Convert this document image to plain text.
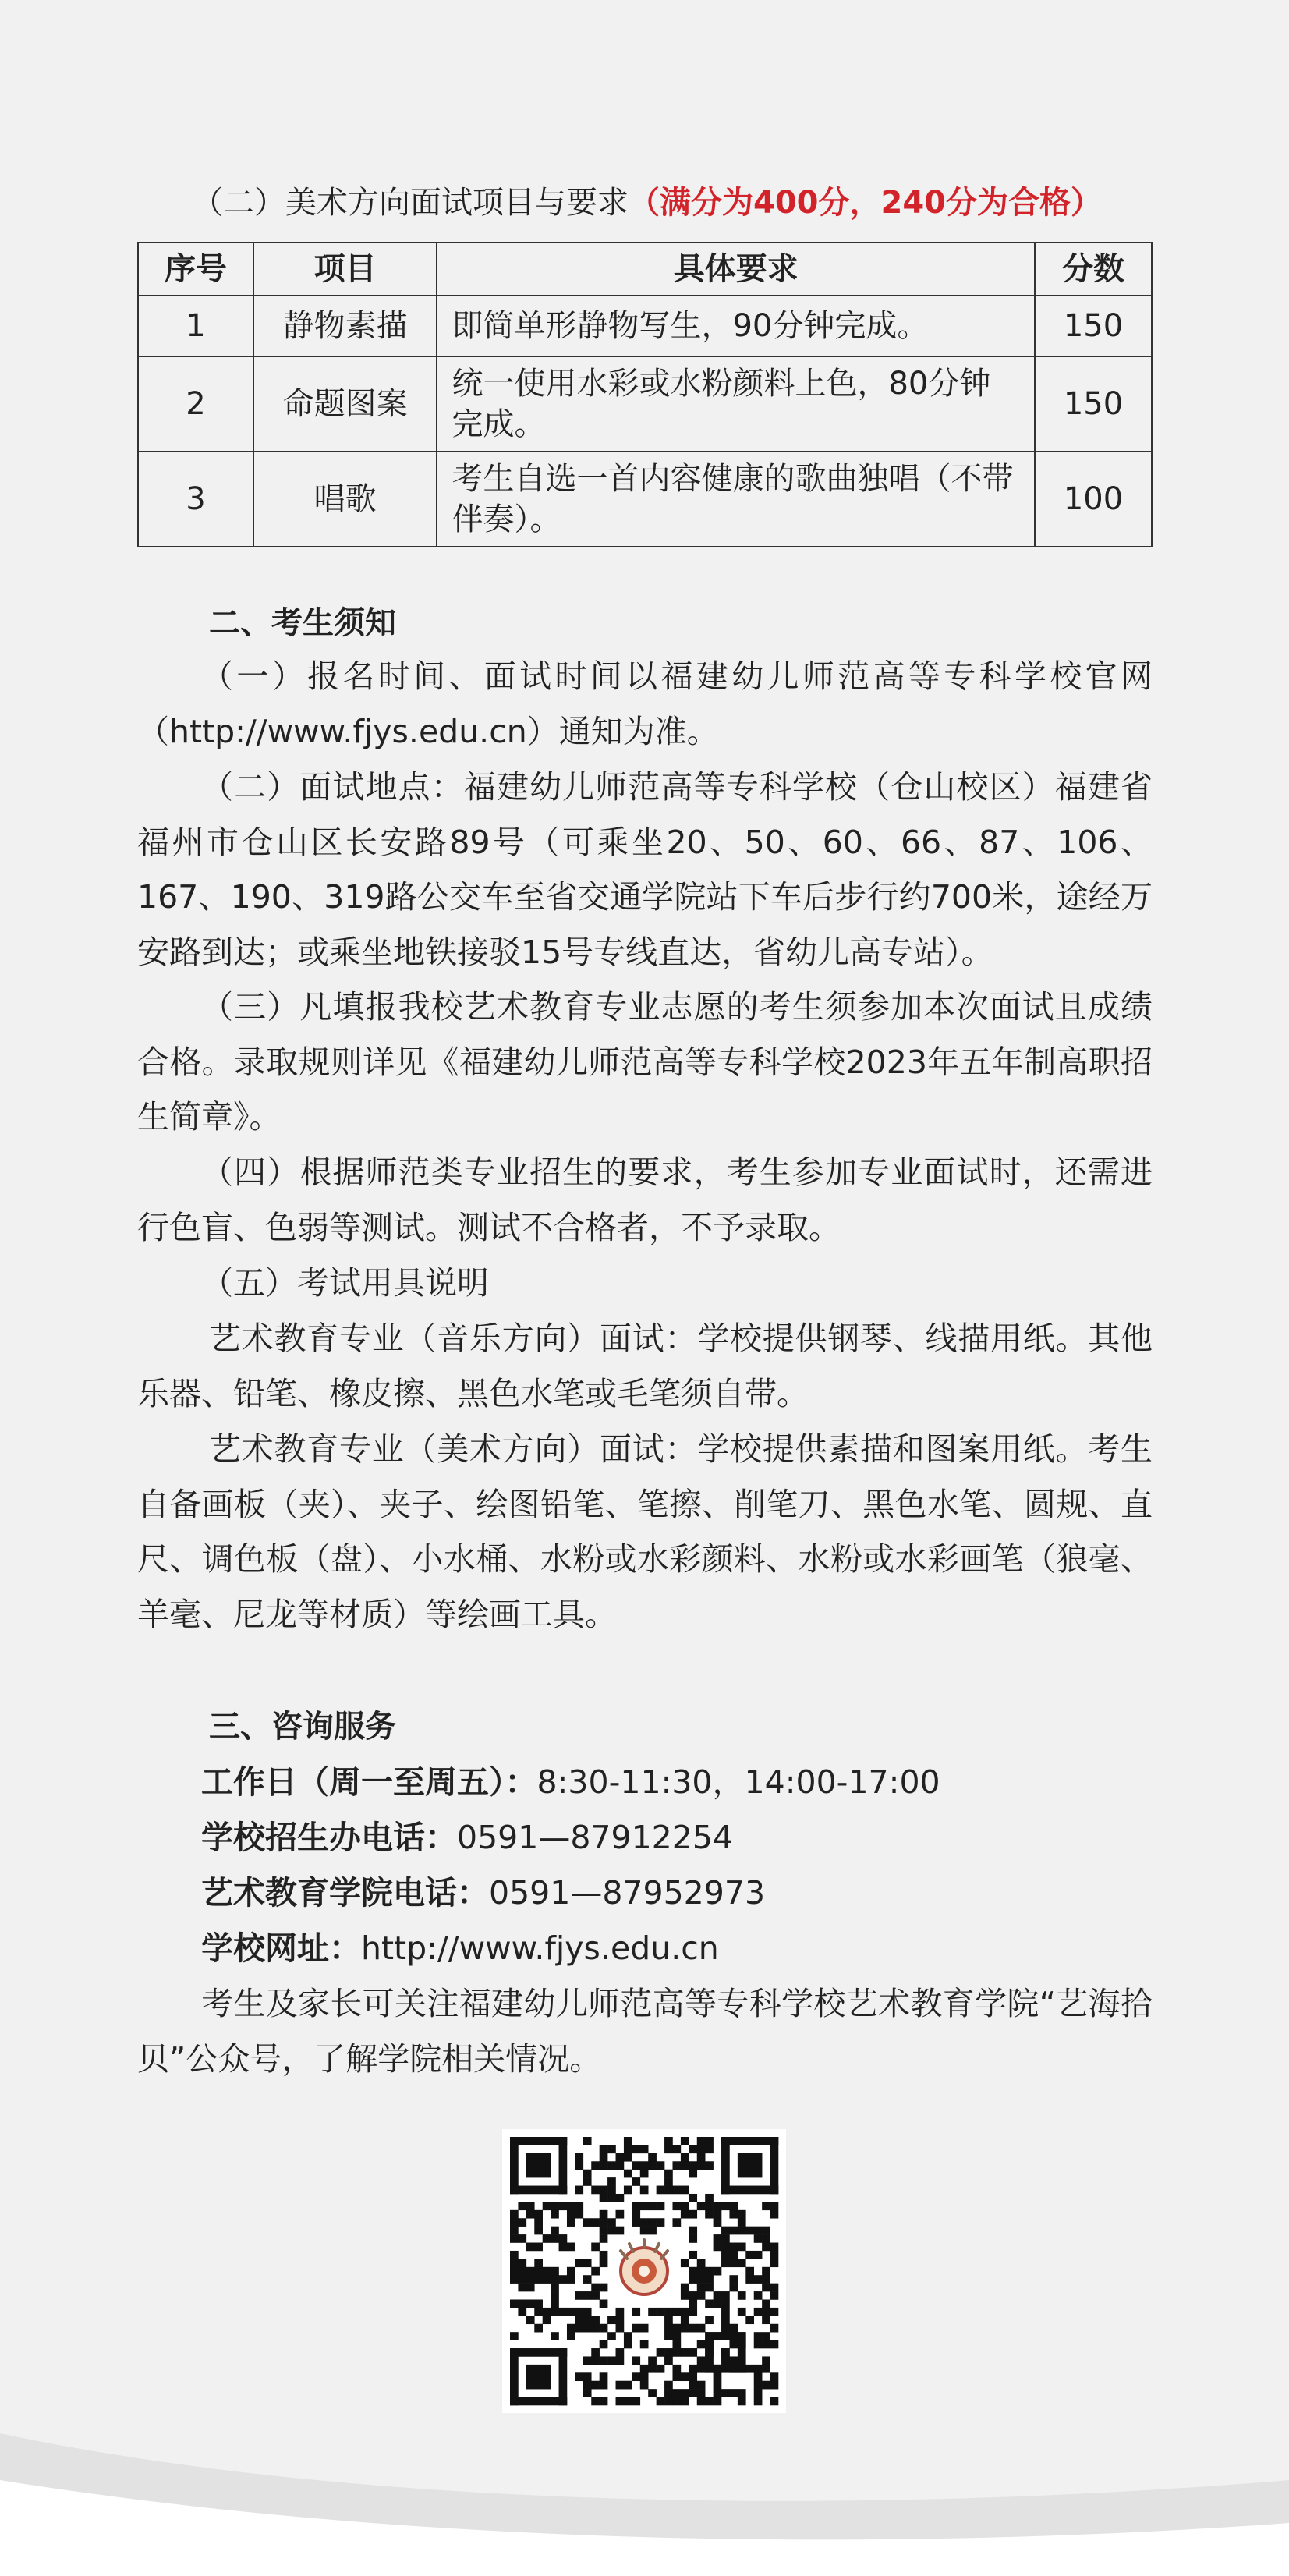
（二）美术方向面试项目与要求（满分为400分，240分为合格）
序号	项目	具体要求	分数
1	静物素描	即简单形静物写生，90分钟完成。	150
2	命题图案	统一使用水彩或水粉颜料上色，80分钟完成。	150
3	唱歌	考生自选一首内容健康的歌曲独唱（不带伴奏）。	100
二、考生须知
（一）报名时间、面试时间以福建幼儿师范高等专科学校官网（http://www.fjys.edu.cn）通知为准。
（二）面试地点：福建幼儿师范高等专科学校（仓山校区）福建省福州市仓山区长安路89号（可乘坐20、50、60、66、87、106、167、190、319路公交车至省交通学院站下车后步行约700米，途经万安路到达；或乘坐地铁接驳15号专线直达，省幼儿高专站）。
（三）凡填报我校艺术教育专业志愿的考生须参加本次面试且成绩合格。录取规则详见《福建幼儿师范高等专科学校2023年五年制高职招生简章》。
（四）根据师范类专业招生的要求，考生参加专业面试时，还需进行色盲、色弱等测试。测试不合格者，不予录取。
（五）考试用具说明
艺术教育专业（音乐方向）面试：学校提供钢琴、线描用纸。其他乐器、铅笔、橡皮擦、黑色水笔或毛笔须自带。
艺术教育专业（美术方向）面试：学校提供素描和图案用纸。考生自备画板（夹）、夹子、绘图铅笔、笔擦、削笔刀、黑色水笔、圆规、直尺、调色板（盘）、小水桶、水粉或水彩颜料、水粉或水彩画笔（狼毫、羊毫、尼龙等材质）等绘画工具。
三、咨询服务
工作日（周一至周五）：8:30-11:30，14:00-17:00
学校招生办电话：0591—87912254
艺术教育学院电话：0591—87952973
学校网址：http://www.fjys.edu.cn
考生及家长可关注福建幼儿师范高等专科学校艺术教育学院“艺海拾贝”公众号，了解学院相关情况。
